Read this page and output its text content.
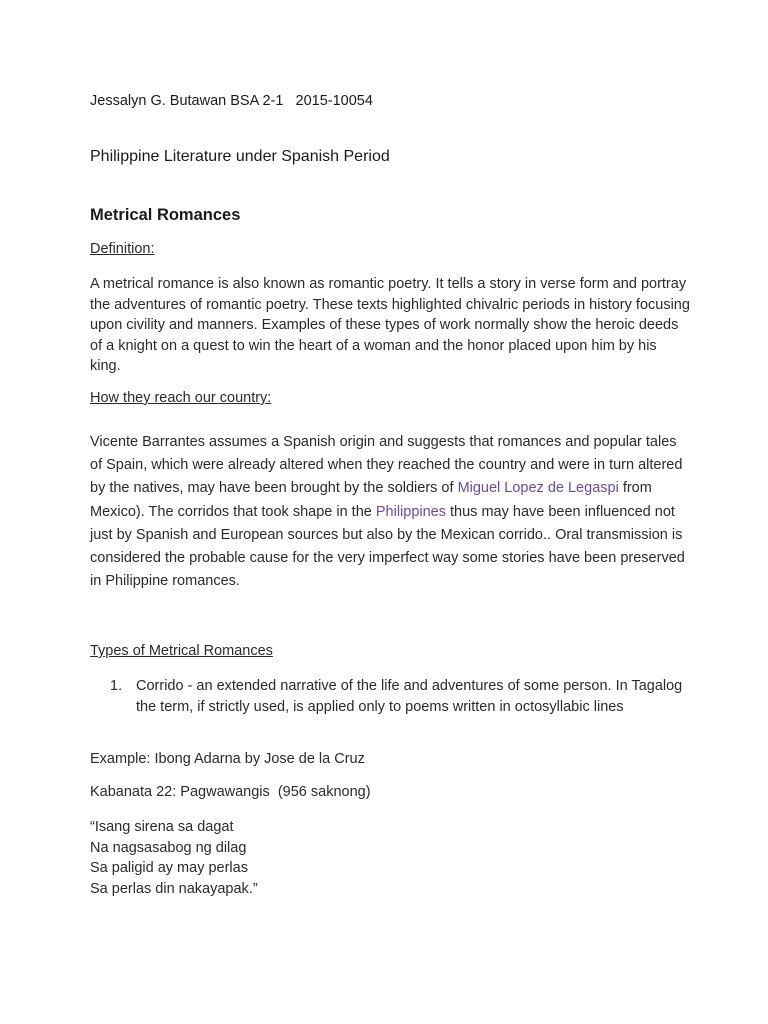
Jessalyn G. Butawan BSA 2-1   2015-10054
Philippine Literature under Spanish Period
Metrical Romances
Definition:
A metrical romance is also known as romantic poetry. It tells a story in verse form and portray the adventures of romantic poetry. These texts highlighted chivalric periods in history focusing upon civility and manners. Examples of these types of work normally show the heroic deeds of a knight on a quest to win the heart of a woman and the honor placed upon him by his king.
How they reach our country:
Vicente Barrantes assumes a Spanish origin and suggests that romances and popular tales of Spain, which were already altered when they reached the country and were in turn altered by the natives, may have been brought by the soldiers of Miguel Lopez de Legaspi from Mexico). The corridos that took shape in the Philippines thus may have been influenced not just by Spanish and European sources but also by the Mexican corrido.. Oral transmission is considered the probable cause for the very imperfect way some stories have been preserved in Philippine romances.
Types of Metrical Romances
1. Corrido - an extended narrative of the life and adventures of some person. In Tagalog the term, if strictly used, is applied only to poems written in octosyllabic lines
Example: Ibong Adarna by Jose de la Cruz
Kabanata 22: Pagwawangis  (956 saknong)
“Isang sirena sa dagat
Na nagsasabog ng dilag
Sa paligid ay may perlas
Sa perlas din nakayapak.”
